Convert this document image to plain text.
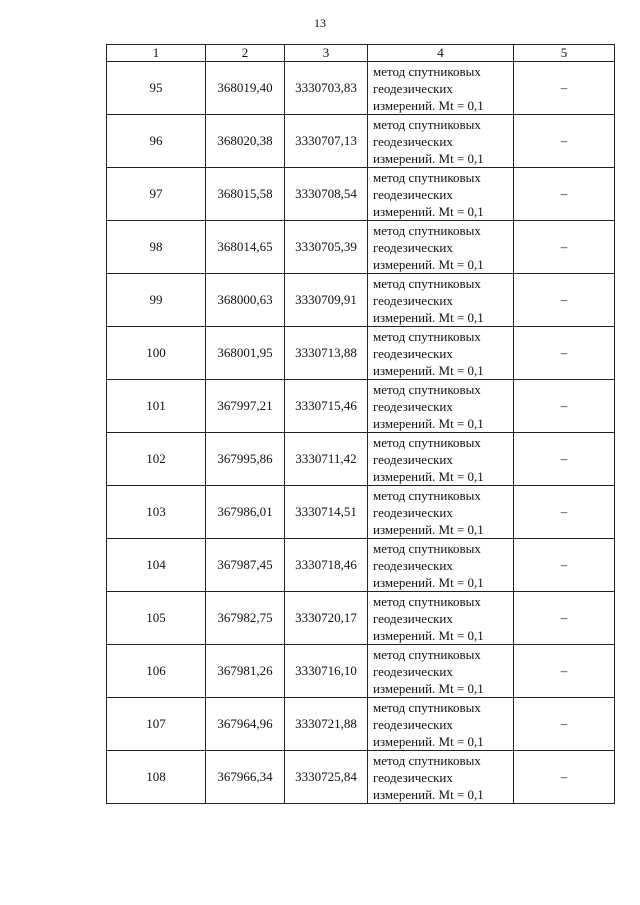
13
1	2	3	4	5
95	368019,40	3330703,83	метод спутниковых
геодезических
измерений. Mt = 0,1	–
96	368020,38	3330707,13	метод спутниковых
геодезических
измерений. Mt = 0,1	–
97	368015,58	3330708,54	метод спутниковых
геодезических
измерений. Mt = 0,1	–
98	368014,65	3330705,39	метод спутниковых
геодезических
измерений. Mt = 0,1	–
99	368000,63	3330709,91	метод спутниковых
геодезических
измерений. Mt = 0,1	–
100	368001,95	3330713,88	метод спутниковых
геодезических
измерений. Mt = 0,1	–
101	367997,21	3330715,46	метод спутниковых
геодезических
измерений. Mt = 0,1	–
102	367995,86	3330711,42	метод спутниковых
геодезических
измерений. Mt = 0,1	–
103	367986,01	3330714,51	метод спутниковых
геодезических
измерений. Mt = 0,1	–
104	367987,45	3330718,46	метод спутниковых
геодезических
измерений. Mt = 0,1	–
105	367982,75	3330720,17	метод спутниковых
геодезических
измерений. Mt = 0,1	–
106	367981,26	3330716,10	метод спутниковых
геодезических
измерений. Mt = 0,1	–
107	367964,96	3330721,88	метод спутниковых
геодезических
измерений. Mt = 0,1	–
108	367966,34	3330725,84	метод спутниковых
геодезических
измерений. Mt = 0,1	–
